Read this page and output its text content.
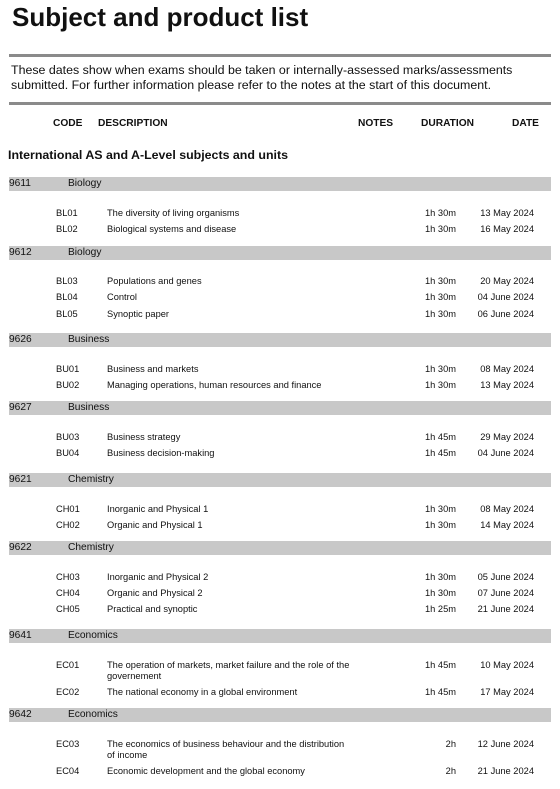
Subject and product list
These dates show when exams should be taken or internally-assessed marks/assessments submitted. For further information please refer to the notes at the start of this document.
CODE DESCRIPTION	NOTES	DURATION	DATE
International AS and A-Level subjects and units
9611	Biology
BL01	The diversity of living organisms	1h 30m	13 May 2024
BL02	Biological systems and disease	1h 30m	16 May 2024
9612	Biology
BL03	Populations and genes	1h 30m	20 May 2024
BL04	Control	1h 30m 04 June 2024
BL05	Synoptic paper	1h 30m 06 June 2024
9626	Business
BU01	Business and markets	1h 30m	08 May 2024
BU02	Managing operations, human resources and finance	1h 30m	13 May 2024
9627	Business
BU03	Business strategy	1h 45m	29 May 2024
BU04	Business decision-making	1h 45m 04 June 2024
9621	Chemistry
CH01	Inorganic and Physical 1	1h 30m	08 May 2024
CH02	Organic and Physical 1	1h 30m	14 May 2024
9622	Chemistry
CH03	Inorganic and Physical 2	1h 30m 05 June 2024
CH04	Organic and Physical 2	1h 30m 07 June 2024
CH05	Practical and synoptic	1h 25m 21 June 2024
9641	Economics
EC01	The operation of markets, market failure and the role of the governement
1h 45m	10 May 2024
EC02	The national economy in a global environment	1h 45m	17 May 2024
9642	Economics
EC03	The economics of business behaviour and the distribution of income
2h 12 June 2024
EC04	Economic development and the global economy	2h 21 June 2024
